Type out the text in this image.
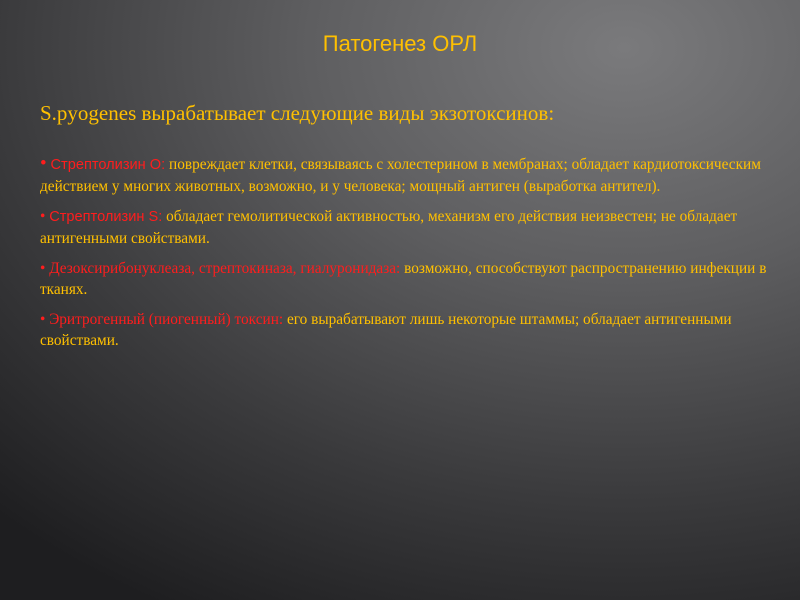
Патогенез ОРЛ
S.pyogenes вырабатывает следующие виды экзотоксинов:
• Стрептолизин О: повреждает клетки, связываясь с холестерином в мембранах; обладает кардиотоксическим действием у многих животных, возможно, и у человека; мощный антиген (выработка антител).
• Стрептолизин S: обладает гемолитической активностью, механизм его действия неизвестен; не обладает антигенными свойствами.
• Дезоксирибонуклеаза, стрептокиназа, гиалуронидаза: возможно, способствуют распространению инфекции в тканях.
• Эритрогенный (пиогенный) токсин: его вырабатывают лишь некоторые штаммы; обладает антигенными свойствами.
